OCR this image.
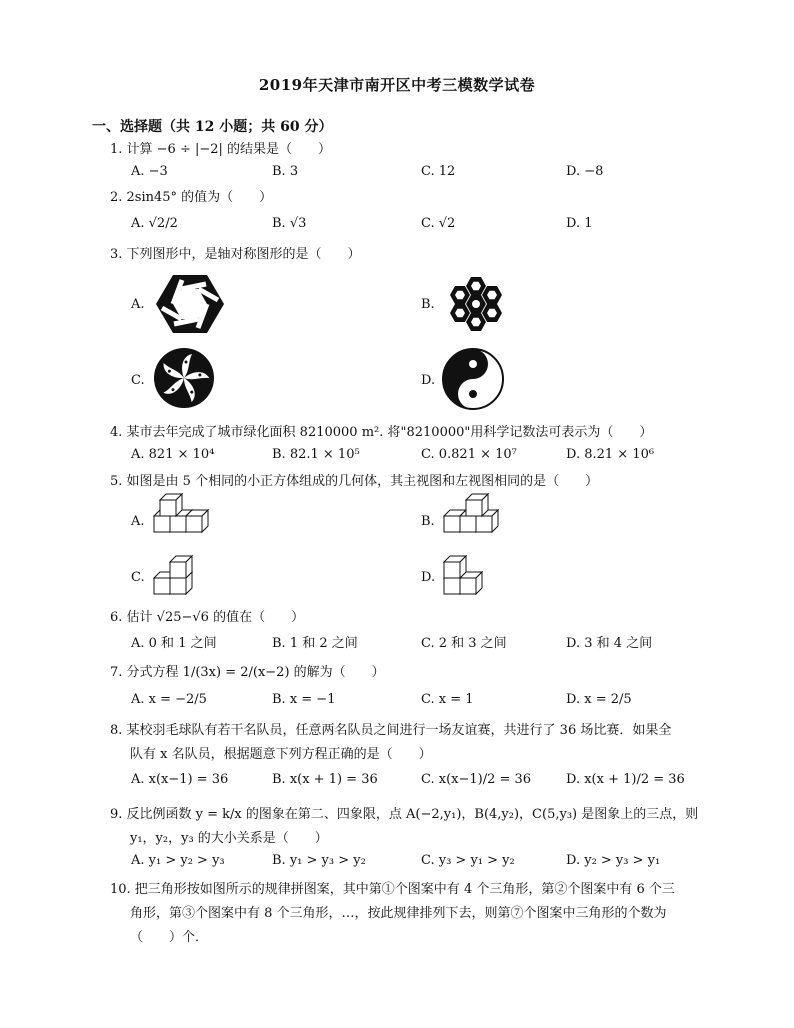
2019年天津市南开区中考三模数学试卷
一、选择题（共 12 小题；共 60 分）
1. 计算 −6 ÷ |−2| 的结果是（　　）
A. −3	B. 3	C. 12	D. −8
2. 2sin45° 的值为（　　）
A. √2/2	B. √3	C. √2	D. 1
3. 下列图形中，是轴对称图形的是（　　）
A.	B.
C.	D.
4. 某市去年完成了城市绿化面积 8210000 m². 将"8210000"用科学记数法可表示为（　　）
A. 821 × 10⁴	B. 82.1 × 10⁵	C. 0.821 × 10⁷	D. 8.21 × 10⁶
5. 如图是由 5 个相同的小正方体组成的几何体，其主视图和左视图相同的是（　　）
A.	B.
C.	D.
6. 估计 √25−√6 的值在（　　）
A. 0 和 1 之间	B. 1 和 2 之间	C. 2 和 3 之间	D. 3 和 4 之间
7. 分式方程 1/(3x) = 2/(x−2) 的解为（　　）
A. x = −2/5	B. x = −1	C. x = 1	D. x = 2/5
8. 某校羽毛球队有若干名队员，任意两名队员之间进行一场友谊赛，共进行了 36 场比赛．如果全
队有 x 名队员，根据题意下列方程正确的是（　　）
A. x(x−1) = 36	B. x(x + 1) = 36	C. x(x−1)/2 = 36	D. x(x + 1)/2 = 36
9. 反比例函数 y = k/x 的图象在第二、四象限，点 A(−2,y₁)，B(4,y₂)，C(5,y₃) 是图象上的三点，则
y₁，y₂，y₃ 的大小关系是（　　）
A. y₁ > y₂ > y₃	B. y₁ > y₃ > y₂	C. y₃ > y₁ > y₂	D. y₂ > y₃ > y₁
10. 把三角形按如图所示的规律拼图案，其中第①个图案中有 4 个三角形，第②个图案中有 6 个三
角形，第③个图案中有 8 个三角形，…，按此规律排列下去，则第⑦个图案中三角形的个数为
（　　）个．
